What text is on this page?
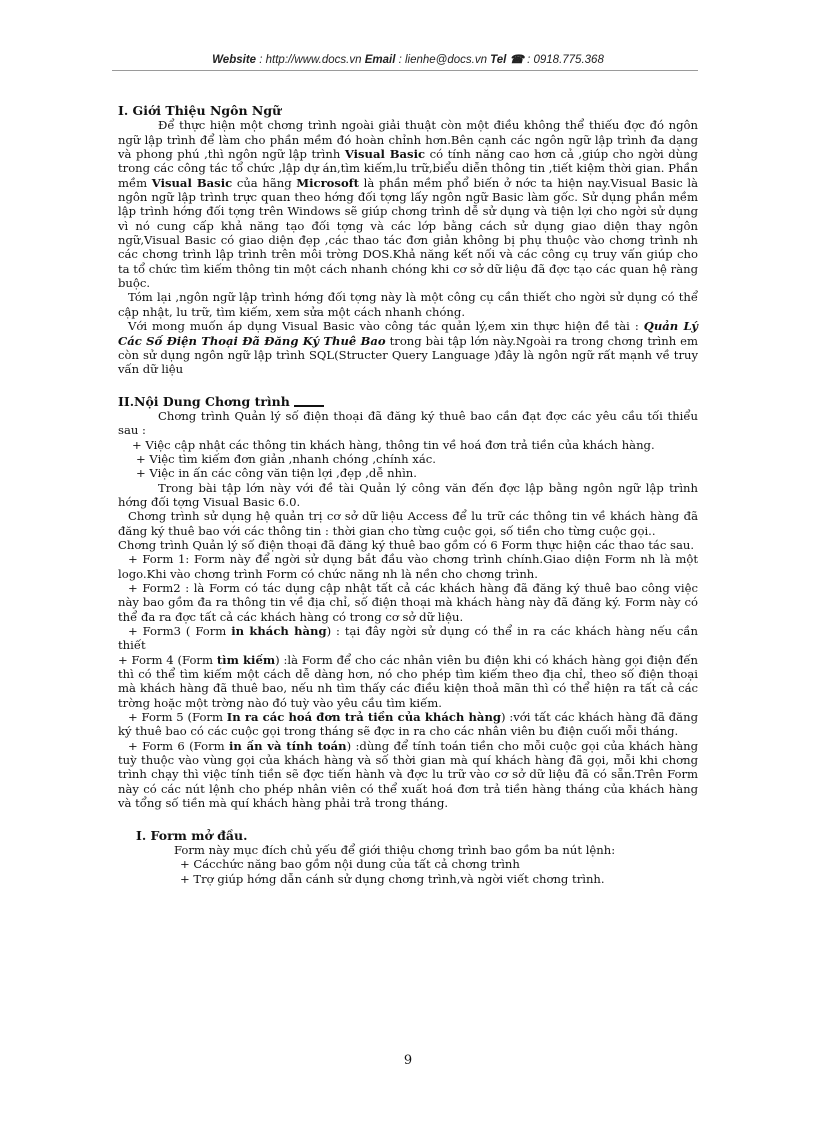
Website : http://www.docs.vn Email : lienhe@docs.vn Tel ☎ : 0918.775.368

I. Giới Thiệu Ngôn Ngữ

Để thực hiện một chơng trình ngoài giải thuật còn một điều không thể thiếu đợc đó ngôn ngữ lập trình để làm cho phần mềm đó hoàn chỉnh hơn.Bên cạnh các ngôn ngữ lập trình đa dạng và phong phú ,thì ngôn ngữ lập trình Visual Basic có tính năng cao hơn cả ,giúp cho ngời dùng trong các công tác tổ chức ,lập dự án,tìm kiếm,lu trữ,biểu diễn thông tin ,tiết kiệm thời gian. Phần mềm Visual Basic của hãng Microsoft là phần mềm phổ biến ở nớc ta hiện nay.Visual Basic là ngôn ngữ lập trình trực quan theo hớng đối tợng lấy ngôn ngữ Basic làm gốc. Sử dụng phần mềm lập trình hớng đối tợng trên Windows sẽ giúp chơng trình dễ sử dụng và tiện lợi cho ngời sử dụng vì nó cung cấp khả năng tạo đối tợng và các lớp bằng cách sử dụng giao diện thay ngôn ngữ,Visual Basic có giao diện đẹp ,các thao tác đơn giản không bị phụ thuộc vào chơng trình nh các chơng trình lập trình trên môi trờng DOS.Khả năng kết nối và các công cụ truy vấn giúp cho ta tổ chức tìm kiếm thông tin một cách nhanh chóng khi cơ sở dữ liệu đã đợc tạo các quan hệ ràng buộc.

Tóm lại ,ngôn ngữ lập trình hớng đối tợng này là một công cụ cần thiết cho ngời sử dụng có thể cập nhật, lu trữ, tìm kiếm, xem sửa một cách nhanh chóng.

Với mong muốn áp dụng Visual Basic vào công tác quản lý,em xin thực hiện đề tài : Quản Lý Các Số Điện Thoại Đã Đăng Ký Thuê Bao trong bài tập lớn này.Ngoài ra trong chơng trình em còn sử dụng ngôn ngữ lập trình SQL(Structer Query Language )đây là ngôn ngữ rất mạnh về truy vấn dữ liệu

II.Nội Dung Chơng trình

Chơng trình Quản lý số điện thoại đã đăng ký thuê bao cần đạt đợc các yêu cầu tối thiểu sau :

+ Việc cập nhật các thông tin khách hàng, thông tin về hoá đơn trả tiền của khách hàng.

+ Việc tìm kiếm đơn giản ,nhanh chóng ,chính xác.

+ Việc in ấn các công văn tiện lợi ,đẹp ,dễ nhìn.

Trong bài tập lớn này với đề tài Quản lý công văn đến đợc lập bằng ngôn ngữ lập trình hớng đối tợng Visual Basic 6.0.

Chơng trình sử dụng hệ quản trị cơ sở dữ liệu Access để lu trữ các thông tin về khách hàng đã đăng ký thuê bao với các thông tin : thời gian cho từng cuộc gọi, số tiền cho từng cuộc gọi..

Chơng trình Quản lý số điện thoại đã đăng ký thuê bao gồm có 6 Form thực hiện các thao tác sau.

+ Form 1: Form này để ngời sử dụng bắt đầu vào chơng trình chính.Giao diện Form nh là một logo.Khi vào chơng trình Form có chức năng nh là nền cho chơng trình.

+ Form2 : là Form có tác dụng cập nhật tất cả các khách hàng đã đăng ký thuê bao công việc này bao gồm đa ra thông tin về địa chỉ, số điện thoại mà khách hàng này đã đăng ký. Form này có thể đa ra đợc tất cả các khách hàng có trong cơ sở dữ liệu.

+ Form3 ( Form in khách hàng) : tại đây ngời sử dụng có thể in ra các khách hàng nếu cần thiết

+ Form 4 (Form tìm kiếm) :là Form để cho các nhân viên bu điện khi có khách hàng gọi điện đến thì có thể tìm kiếm một cách dễ dàng hơn, nó cho phép tìm kiếm theo địa chỉ, theo số điện thoại mà khách hàng đã thuê bao, nếu nh tìm thấy các điều kiện thoả mãn thì có thể hiện ra tất cả các trờng hoặc một trờng nào đó tuỳ vào yêu cầu tìm kiếm.

+ Form 5 (Form In ra các hoá đơn trả tiền của khách hàng) :với tất các khách hàng đã đăng ký thuê bao có các cuộc gọi trong tháng sẽ đợc in ra cho các nhân viên bu điện cuối mỗi tháng.

+ Form 6 (Form in ấn và tính toán) :dùng để tính toán tiền cho mỗi cuộc gọi của khách hàng tuỳ thuộc vào vùng gọi của khách hàng và số thời gian mà quí khách hàng đã gọi, mỗi khi chơng trình chạy thì việc tính tiền sẽ đợc tiến hành và đợc lu trữ vào cơ sở dữ liệu đã có sẵn.Trên Form này có các nút lệnh cho phép nhân viên có thể xuất hoá đơn trả tiền hàng tháng của khách hàng và tổng số tiền mà quí khách hàng phải trả trong tháng.

I. Form mở đầu.

Form này mục đích chủ yếu để giới thiệu chơng trình bao gồm ba nút lệnh:

+ Cácchức năng bao gồm nội dung của tất cả chơng trình

+ Trợ giúp hớng dẫn cánh sử dụng chơng trình,và ngời viết chơng trình.

9
